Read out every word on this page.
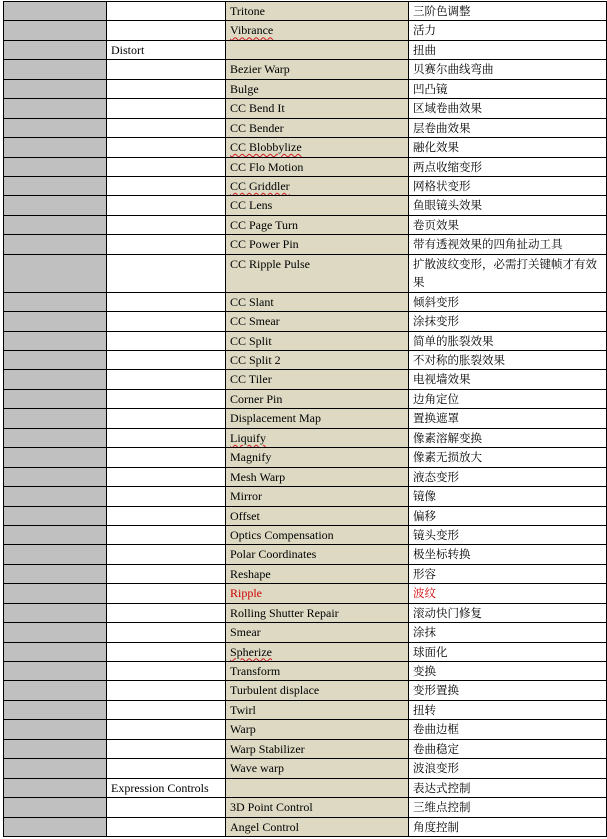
		Tritone	三阶色调整
		Vibrance	活力
	Distort		扭曲
		Bezier Warp	贝赛尔曲线弯曲
		Bulge	凹凸镜
		CC Bend It	区域卷曲效果
		CC Bender	层卷曲效果
		CC Blobbylize	融化效果
		CC Flo Motion	两点收缩变形
		CC Griddler	网格状变形
		CC Lens	鱼眼镜头效果
		CC Page Turn	卷页效果
		CC Power Pin	带有透视效果的四角扯动工具
		CC Ripple Pulse	扩散波纹变形，必需打关键帧才有效果
		CC Slant	倾斜变形
		CC Smear	涂抹变形
		CC Split	简单的胀裂效果
		CC Split 2	不对称的胀裂效果
		CC Tiler	电视墙效果
		Corner Pin	边角定位
		Displacement Map	置换遮罩
		Liquify	像素溶解变换
		Magnify	像素无损放大
		Mesh Warp	液态变形
		Mirror	镜像
		Offset	偏移
		Optics Compensation	镜头变形
		Polar Coordinates	极坐标转换
		Reshape	形容
		Ripple	波纹
		Rolling Shutter Repair	滚动快门修复
		Smear	涂抹
		Spherize	球面化
		Transform	变换
		Turbulent displace	变形置换
		Twirl	扭转
		Warp	卷曲边框
		Warp Stabilizer	卷曲稳定
		Wave warp	波浪变形
	Expression Controls		表达式控制
		3D Point Control	三维点控制
		Angel Control	角度控制
